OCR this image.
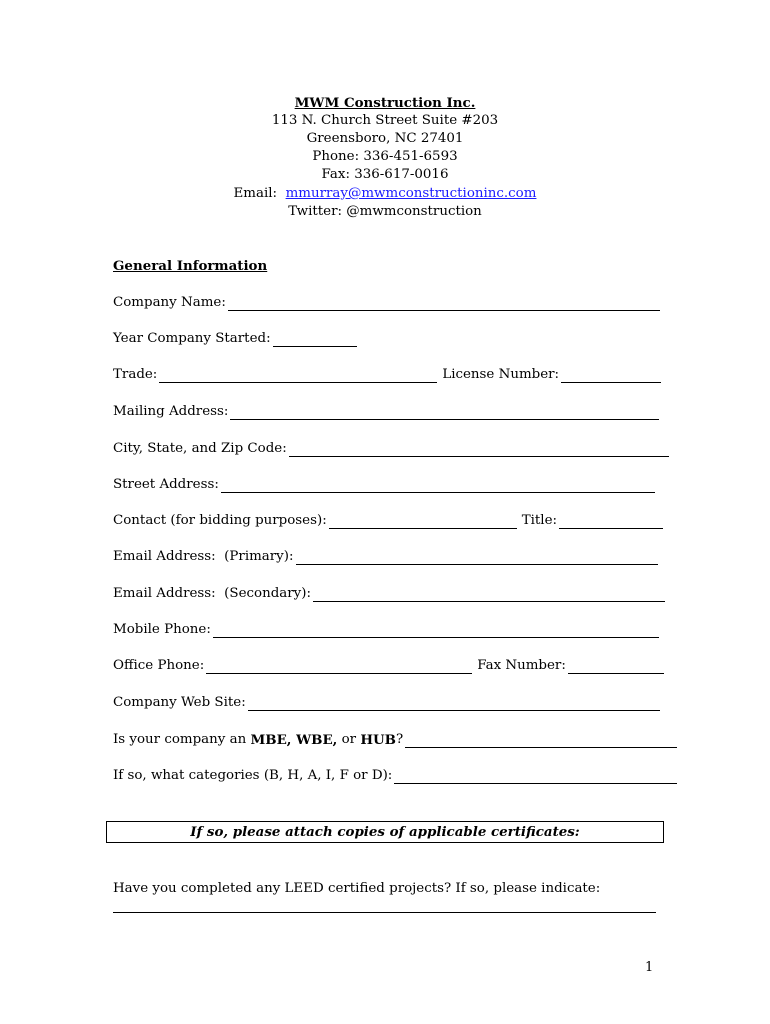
MWM Construction Inc.
113 N. Church Street Suite #203
Greensboro, NC 27401
Phone: 336-451-6593
Fax: 336-617-0016
Email: mmurray@mwmconstructioninc.com
Twitter: @mwmconstruction
General Information
Company Name:
Year Company Started:
Trade:	License Number:
Mailing Address:
City, State, and Zip Code:
Street Address:
Contact (for bidding purposes):	Title:
Email Address:  (Primary):
Email Address:  (Secondary):
Mobile Phone:
Office Phone:	Fax Number:
Company Web Site:
Is your company an MBE, WBE, or HUB ?
If so, what categories (B, H, A, I, F or D):
If so, please attach copies of applicable certificates:
Have you completed any LEED certified projects? If so, please indicate:
1
